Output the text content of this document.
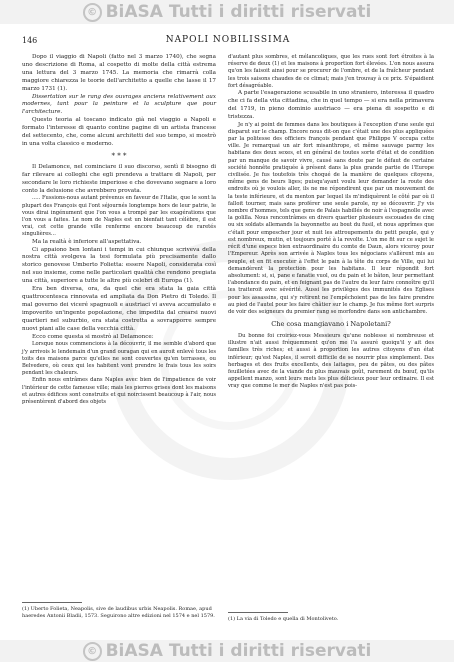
© BiASA Tutti i diritti riservati
146	NAPOLI NOBILISSIMA

Dopo il viaggio di Napoli (fatto nel 3 marzo 1740), che segna uno descrizione di Roma, al cospetto di molte della città estrema una lettura del 3 marzo 1745. La memoria che rimarrà colla maggiore chiarezza le teorie dell'architetto a quelle che lasse il 17 marzo 1731 (1).

Dissertation sur le rang des ouvrages anciens relativement aux modernes, tant pour la peinture et la sculpture que pour l'architecture.

Questo teoria al toscano indicato già nel viaggio a Napoli e formato l'interesse di quanto contine pagine di un artista francese del settecento, che, come alcuni architetti del suo tempo, si mostrò in una volta classico e moderno.

* * *

Il Delamonce, nel cominciare il suo discorso, sentì il bisogno di far rilevare ai colleghi che egli prendeva a trattare di Napoli, per secondare le loro richieste imperiose e che dovevano segnare a loro conto la delusione che avrebbero provata.

..... Fussions-nous autant prévenus en faveur de l'Italie, que le sont la plupart des François qui l'ont séjournés longtemps hors de leur patrie, le vous dirai ingénument que l'on vous a trompé par les exagérations que l'on vous a faites. Le nom de Naples est un bienfait tant célèbre, il est vrai, cet cette grande ville renferme encore beaucoup de raretés singulières...

Ma la realtà è inferiore all'aspettativa.

Ci appaiono ben lontani i tempi in cui chiunque scriveva della nostra città svolgeva la tesi formulata più precisamente dallo storico genovese Umberto Folietta: essere Napoli, considerata così nel suo insieme, come nelle particolari qualità che rendono pregiata una città, superiore a tutte le altre più celebri di Europa (1).

Era ben diversa, ora, da quel che era stata la gaia città quattrocentesca rinnovata ed ampliata da Don Pietro di Toledo. Il mal governo dei viceré spagnuoli e austriaci vi aveva accumulato e impoverito un'ingente popolazione, che impedita dal crearsi nuovi quartieri nel suburbio, era stata costretta a sovrapporre sempre nuovi piani alle case della vecchia città.

Ecco come questa si mostrò al Delamonce:

Lorsque nous commencions à la découvrir, il me semble d'abord que j'y arrivois le lendemain d'un grand ouragan qui en auroit enlevé tous les toits des maisons parce qu'elles ne sont couvertes qu'en terrasses, ou Belvedere, où ceux qui les habitent vont prendre le frais tous les soirs pendant les chaleurs.

Enfin nous entrâmes dans Naples avec bien de l'impatience de voir l'intérieur de cette fameuse ville; mais les pierres grises dont les maisons et autres édifices sont construits et qui noircissent beaucoup à l'air, nous présentèrent d'abord des objets

(1) Uberto Folieta, Neapolis, sive de laudibus urbis Neapolis. Romae, apud haeredes Antonii Bladii, 1573. Seguirono altre edizioni nel 1574 e nel 1579.

d'autant plus sombres, et mélancoliques, que les rues sont fort étroites à la réserve de deux (1) et les maisons à proportion fort élevées. L'on nous assura qu'on les faisoit ainsi pour se procurer de l'ombre, et de la fraîcheur pendant les trois saisons chaudes de ce climat; mais j'en trouvay à ce prix. S'épaidient fort désagréable.

A parte l'esagerazione scusabile in uno straniero, interessa il quadro che ci fa della vita cittadina, che in quel tempo — si era nella primavera del 1719, in pieno dominio austriaco — era piena di sospetto e di tristezza.

Je n'y ai point de femmes dans les boutiques à l'exception d'une seule qui disparut sur le champ. Encore nous dit-on que c'était une des plus appliquées par la politesse des officiers françois pendant que Philippe V occupa cette ville. Je remarquai un air fort misanthrope, et même sauvage parmy les habitans des deux sexes, et en général de toutes sorte d'état et de condition par un manque de savoir vivre, causé sans doute par le défaut de certaine société honnête pratiquée à présent dans la plus grande partie de l'Europe civilisée. Je fus toutefois très choqué de la manière de quelques citoyens, même gens de beurs liges; puisqu'ayant voulu leur demander la route des endroits où je voulois aller, ils ne me répondirent que par un mouvement de la teste inférieure, et du menton par lequel ils m'indiquèrent le côté par où il falloit tourner, mais sans proférer une seule parole, ny se découvrir. J'y vis nombre d'hommes, tels que gens de Palais habillés de noir à l'espagnolle avec la golilla. Nous rencontrâmes en divers quartier plusieurs escouades de cinq ou six soldats allemands la bayonnette au bout du fusil, et nous apprîmes que c'était pour empescher jour et nuit les attroupements du petit peuple, qui y est nombreux, mutin, et toujours porté à la revolte. L'on me fit sur ce sujet le récit d'une espece bien extraordinaire du comte de Daun, alors viceroy pour l'Empereur. Après son arrivée à Naples tous les négocians s'allèrent mis au peuple, et en fit executer à l'effet le pain à la tête du corps de Ville, qui lui demandèrent la protection pour les habitans. Il leur répondit fort absolument: si, si, pane e fanatie vuol, ou du pain et le bâton, leur permettant l'abondance du pain, et en feignant pas de l'autre du leur faire connoître qu'il les traiteroit avec sévérité. Aussi les privilèges des immunités des Eglises pour les assassins, qui s'y retirent ne l'empêchoient pas de les faire prendre au pied de l'autel pour les faire châtier sur le champ. Je fus même fort surpris de voir des seigneurs du premier rang se morfondre dans son antichambre.

Che cosa mangiavano i Napoletani?

Du bonne foi croiriez-vous Messieurs qu'une noblesse si nombreuse et illustre n'ait aussi fréquemment qu'on me l'a assuré quoiqu'il y ait des familles très riches; et aussi à proportion les autres citoyens d'un état inférieur; qu'est Naples, il seroit difficile de se nourrir plus simplement. Des herbages et des fruits excellents, des laitages, peu de pâtes, ou des pâtes feuilletées avec de la viande du plus mauvais goût, rarement du bœuf, qu'ils appellent manzo, sont leurs mets les plus délicieux pour leur ordinaire. Il est vray que comme le mer de Naples n'est pas pois-

(1) La via di Toledo e quella di Montoliveto.
© BiASA Tutti i diritti riservati
